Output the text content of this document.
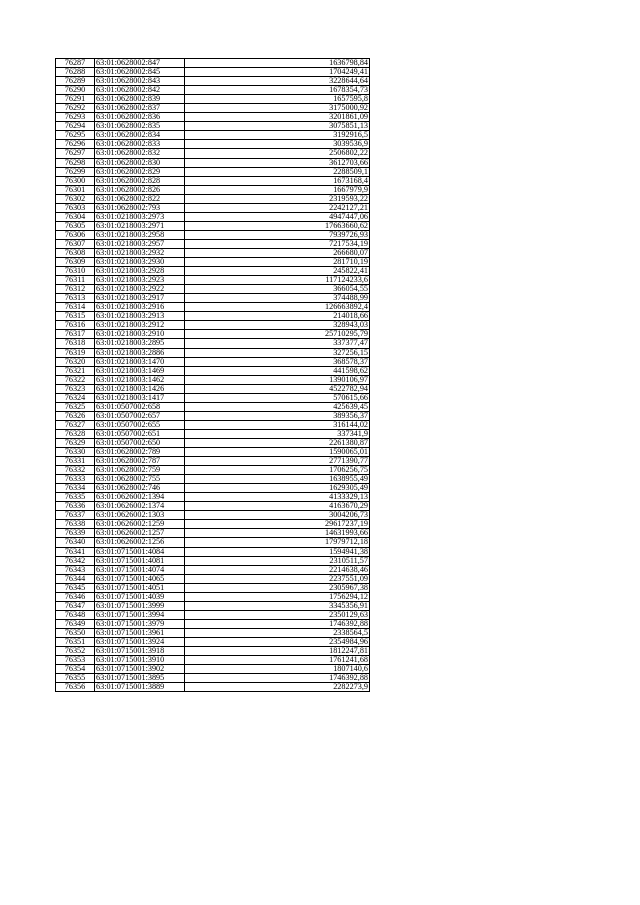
76287	63:01:0628002:847	1636798,84
76288	63:01:0628002:845	1704249,41
76289	63:01:0628002:843	3228644,64
76290	63:01:0628002:842	1678354,73
76291	63:01:0628002:839	1657595,8
76292	63:01:0628002:837	3175000,92
76293	63:01:0628002:836	3201861,09
76294	63:01:0628002:835	3075851,13
76295	63:01:0628002:834	3192916,5
76296	63:01:0628002:833	3039536,9
76297	63:01:0628002:832	2506802,22
76298	63:01:0628002:830	3612703,66
76299	63:01:0628002:829	2288509,1
76300	63:01:0628002:828	1673168,4
76301	63:01:0628002:826	1667979,9
76302	63:01:0628002:822	2319593,22
76303	63:01:0628002:793	2242127,21
76304	63:01:0218003:2973	4947447,06
76305	63:01:0218003:2971	17663660,62
76306	63:01:0218003:2958	7939726,93
76307	63:01:0218003:2957	7217534,19
76308	63:01:0218003:2932	266680,07
76309	63:01:0218003:2930	281710,19
76310	63:01:0218003:2928	245822,41
76311	63:01:0218003:2923	117124233,6
76312	63:01:0218003:2922	366054,55
76313	63:01:0218003:2917	374488,99
76314	63:01:0218003:2916	126663892,4
76315	63:01:0218003:2913	214018,66
76316	63:01:0218003:2912	328943,03
76317	63:01:0218003:2910	25710295,79
76318	63:01:0218003:2895	337377,47
76319	63:01:0218003:2886	327256,15
76320	63:01:0218003:1470	368578,37
76321	63:01:0218003:1469	441598,62
76322	63:01:0218003:1462	1390106,97
76323	63:01:0218003:1426	4522782,94
76324	63:01:0218003:1417	570615,66
76325	63:01:0507002:658	425639,45
76326	63:01:0507002:657	389356,37
76327	63:01:0507002:655	316144,02
76328	63:01:0507002:651	337341,9
76329	63:01:0507002:650	2261380,87
76330	63:01:0628002:789	1590065,01
76331	63:01:0628002:787	2771390,77
76332	63:01:0628002:759	1706256,75
76333	63:01:0628002:755	1638955,49
76334	63:01:0628002:746	1629305,49
76335	63:01:0626002:1394	4133329,13
76336	63:01:0626002:1374	4163670,29
76337	63:01:0626002:1303	3004206,73
76338	63:01:0626002:1259	29617237,19
76339	63:01:0626002:1257	14631993,66
76340	63:01:0626002:1256	17979712,18
76341	63:01:0715001:4084	1594941,38
76342	63:01:0715001:4081	2310511,57
76343	63:01:0715001:4074	2214638,46
76344	63:01:0715001:4065	2237551,09
76345	63:01:0715001:4051	2305967,38
76346	63:01:0715001:4039	1756294,12
76347	63:01:0715001:3999	3345356,91
76348	63:01:0715001:3994	2350129,63
76349	63:01:0715001:3979	1746392,88
76350	63:01:0715001:3961	2338564,5
76351	63:01:0715001:3924	2354984,96
76352	63:01:0715001:3918	1812247,81
76353	63:01:0715001:3910	1761241,68
76354	63:01:0715001:3902	1807140,6
76355	63:01:0715001:3895	1746392,88
76356	63:01:0715001:3889	2282273,9
